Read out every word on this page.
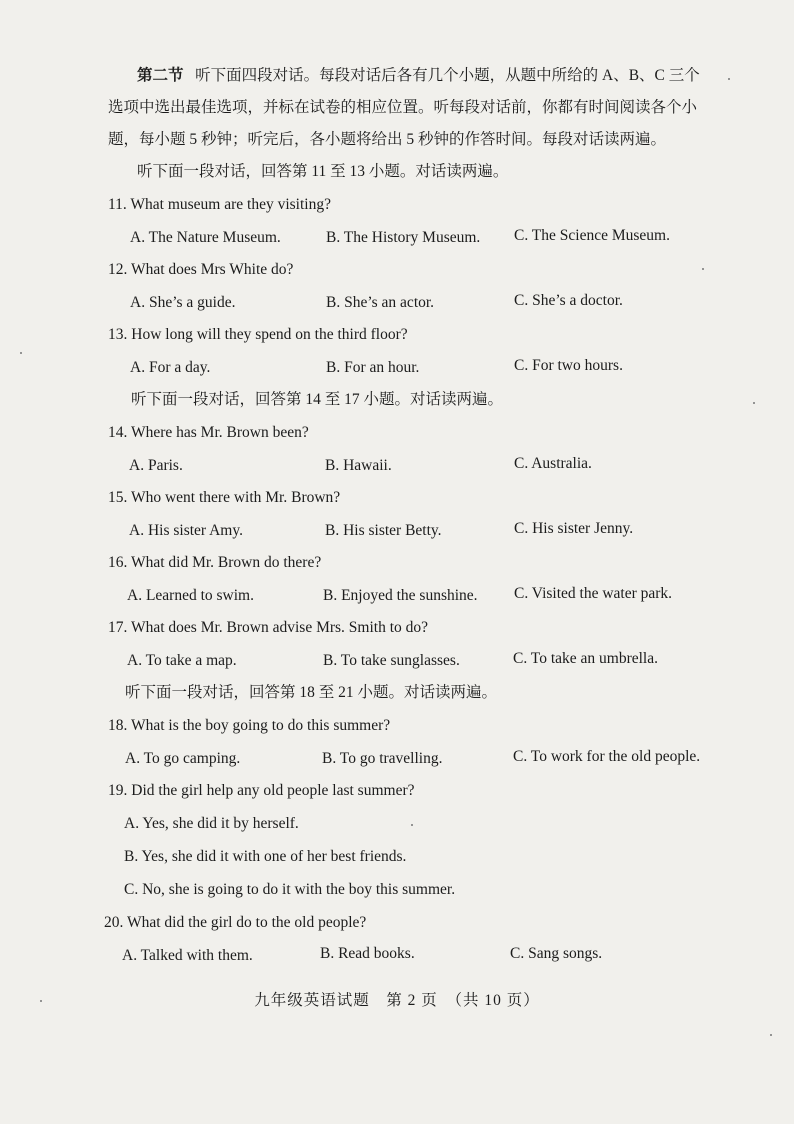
第二节 听下面四段对话。每段对话后各有几个小题，从题中所给的 A、B、C 三个
选项中选出最佳选项，并标在试卷的相应位置。听每段对话前，你都有时间阅读各个小
题，每小题 5 秒钟；听完后，各小题将给出 5 秒钟的作答时间。每段对话读两遍。
听下面一段对话，回答第 11 至 13 小题。对话读两遍。
11. What museum are they visiting?
A. The Nature Museum.	B. The History Museum. C. The Science Museum.
12. What does Mrs White do?
A. She’s a guide.	B. She’s an actor.	C. She’s a doctor.
13. How long will they spend on the third floor?
A. For a day.	B. For an hour.	C. For two hours.
听下面一段对话，回答第 14 至 17 小题。对话读两遍。
14. Where has Mr. Brown been?
A. Paris.	B. Hawaii.	C. Australia.
15. Who went there with Mr. Brown?
A. His sister Amy.	B. His sister Betty.	C. His sister Jenny.
16. What did Mr. Brown do there?
A. Learned to swim.	B. Enjoyed the sunshine. C. Visited the water park.
17. What does Mr. Brown advise Mrs. Smith to do?
A. To take a map.	B. To take sunglasses.	C. To take an umbrella.
听下面一段对话，回答第 18 至 21 小题。对话读两遍。
18. What is the boy going to do this summer?
A. To go camping.	B. To go travelling.	C. To work for the old people.
19. Did the girl help any old people last summer?
A. Yes, she did it by herself.
B. Yes, she did it with one of her best friends.
C. No, she is going to do it with the boy this summer.
20. What did the girl do to the old people?
A. Talked with them.	B. Read books.	C. Sang songs.
九年级英语试题　第 2 页　（共 10 页）
